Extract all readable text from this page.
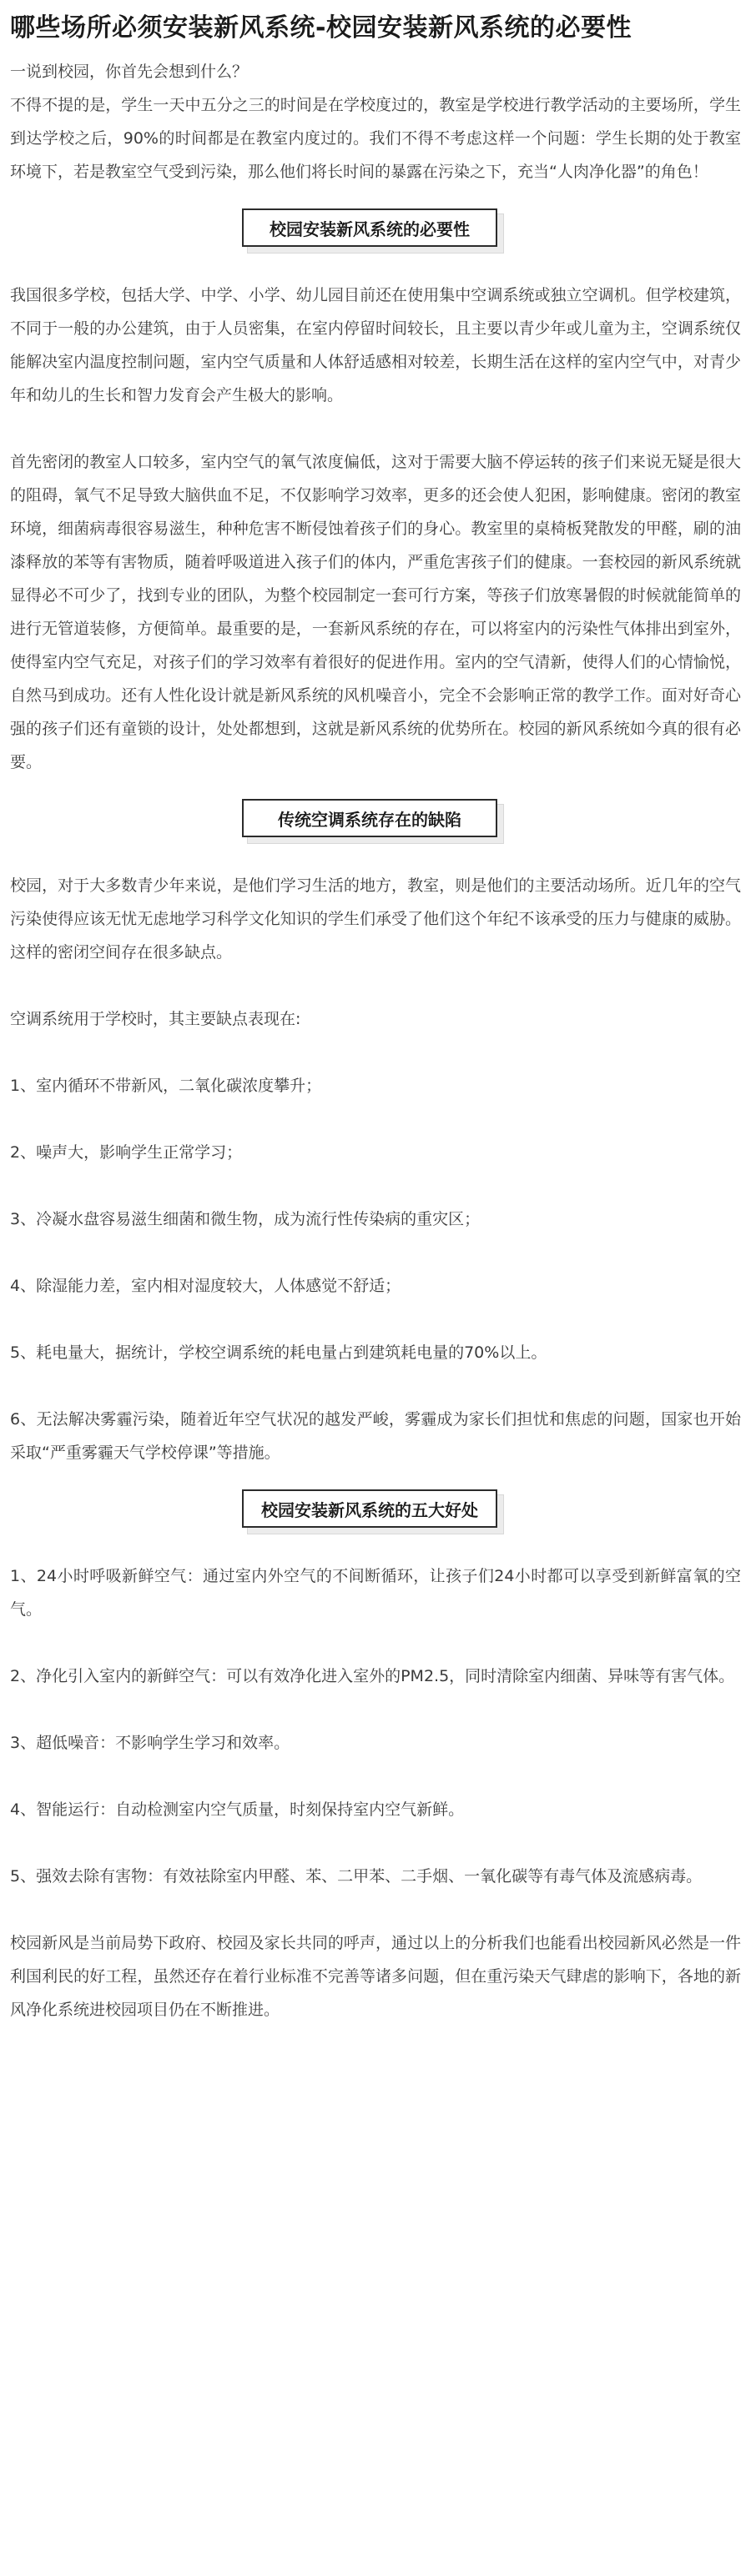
哪些场所必须安装新风系统-校园安装新风系统的必要性

一说到校园，你首先会想到什么？

不得不提的是，学生一天中五分之三的时间是在学校度过的，教室是学校进行教学活动的主要场所，学生到达学校之后，90%的时间都是在教室内度过的。我们不得不考虑这样一个问题：学生长期的处于教室环境下，若是教室空气受到污染，那么他们将长时间的暴露在污染之下，充当“人肉净化器”的角色！

校园安装新风系统的必要性

我国很多学校，包括大学、中学、小学、幼儿园目前还在使用集中空调系统或独立空调机。但学校建筑，不同于一般的办公建筑，由于人员密集，在室内停留时间较长，且主要以青少年或儿童为主，空调系统仅能解决室内温度控制问题，室内空气质量和人体舒适感相对较差，长期生活在这样的室内空气中，对青少年和幼儿的生长和智力发育会产生极大的影响。

首先密闭的教室人口较多，室内空气的氧气浓度偏低，这对于需要大脑不停运转的孩子们来说无疑是很大的阻碍，氧气不足导致大脑供血不足，不仅影响学习效率，更多的还会使人犯困，影响健康。密闭的教室环境，细菌病毒很容易滋生，种种危害不断侵蚀着孩子们的身心。教室里的桌椅板凳散发的甲醛，刷的油漆释放的苯等有害物质，随着呼吸道进入孩子们的体内，严重危害孩子们的健康。一套校园的新风系统就显得必不可少了，找到专业的团队，为整个校园制定一套可行方案，等孩子们放寒暑假的时候就能简单的进行无管道装修，方便简单。最重要的是，一套新风系统的存在，可以将室内的污染性气体排出到室外，使得室内空气充足，对孩子们的学习效率有着很好的促进作用。室内的空气清新，使得人们的心情愉悦，自然马到成功。还有人性化设计就是新风系统的风机噪音小，完全不会影响正常的教学工作。面对好奇心强的孩子们还有童锁的设计，处处都想到，这就是新风系统的优势所在。校园的新风系统如今真的很有必要。

传统空调系统存在的缺陷

校园，对于大多数青少年来说，是他们学习生活的地方，教室，则是他们的主要活动场所。近几年的空气污染使得应该无忧无虑地学习科学文化知识的学生们承受了他们这个年纪不该承受的压力与健康的威胁。这样的密闭空间存在很多缺点。

空调系统用于学校时，其主要缺点表现在:

1、室内循环不带新风，二氧化碳浓度攀升；

2、噪声大，影响学生正常学习；

3、冷凝水盘容易滋生细菌和微生物，成为流行性传染病的重灾区；

4、除湿能力差，室内相对湿度较大，人体感觉不舒适；

5、耗电量大，据统计，学校空调系统的耗电量占到建筑耗电量的70%以上。

6、无法解决雾霾污染，随着近年空气状况的越发严峻，雾霾成为家长们担忧和焦虑的问题，国家也开始采取“严重雾霾天气学校停课”等措施。

校园安装新风系统的五大好处

1、24小时呼吸新鲜空气：通过室内外空气的不间断循环，让孩子们24小时都可以享受到新鲜富氧的空气。

2、净化引入室内的新鲜空气：可以有效净化进入室外的PM2.5，同时清除室内细菌、异味等有害气体。

3、超低噪音：不影响学生学习和效率。

4、智能运行：自动检测室内空气质量，时刻保持室内空气新鲜。

5、强效去除有害物：有效祛除室内甲醛、苯、二甲苯、二手烟、一氧化碳等有毒气体及流感病毒。

校园新风是当前局势下政府、校园及家长共同的呼声，通过以上的分析我们也能看出校园新风必然是一件利国利民的好工程，虽然还存在着行业标准不完善等诸多问题，但在重污染天气肆虐的影响下，各地的新风净化系统进校园项目仍在不断推进。
